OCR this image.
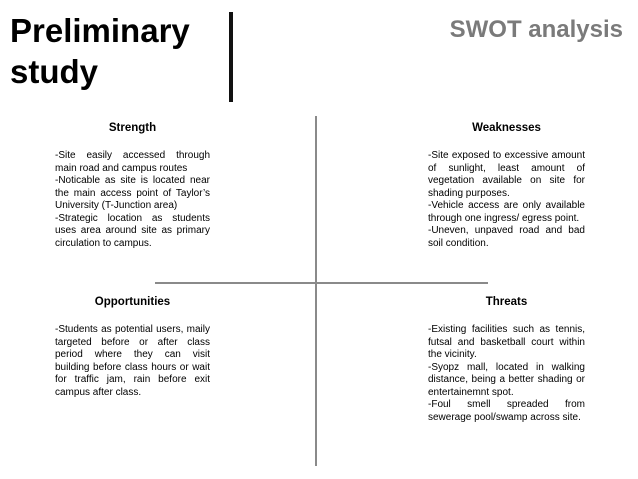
Preliminary
study
SWOT analysis
Strength

-Site easily accessed through main road and campus routes

-Noticable as site is located near the main access point of Taylor’s University (T-Junction area)

-Strategic location as students uses area around site as primary circulation to campus.

Weaknesses

-Site exposed to excessive amount of sunlight, least amount of vegetation available on site for shading purposes.

-Vehicle access are only available through one ingress/ egress point.

-Uneven, unpaved road and bad soil condition.

Opportunities

-Students as potential users, maily targeted before or after class period where they can visit building before class hours or wait for traffic jam, rain before exit campus after class.

Threats

-Existing facilities such as tennis, futsal and basketball court within the vicinity.

-Syopz mall, located in walking distance, being a better shading or entertainemnt spot.

-Foul smell spreaded from sewerage pool/swamp across site.
